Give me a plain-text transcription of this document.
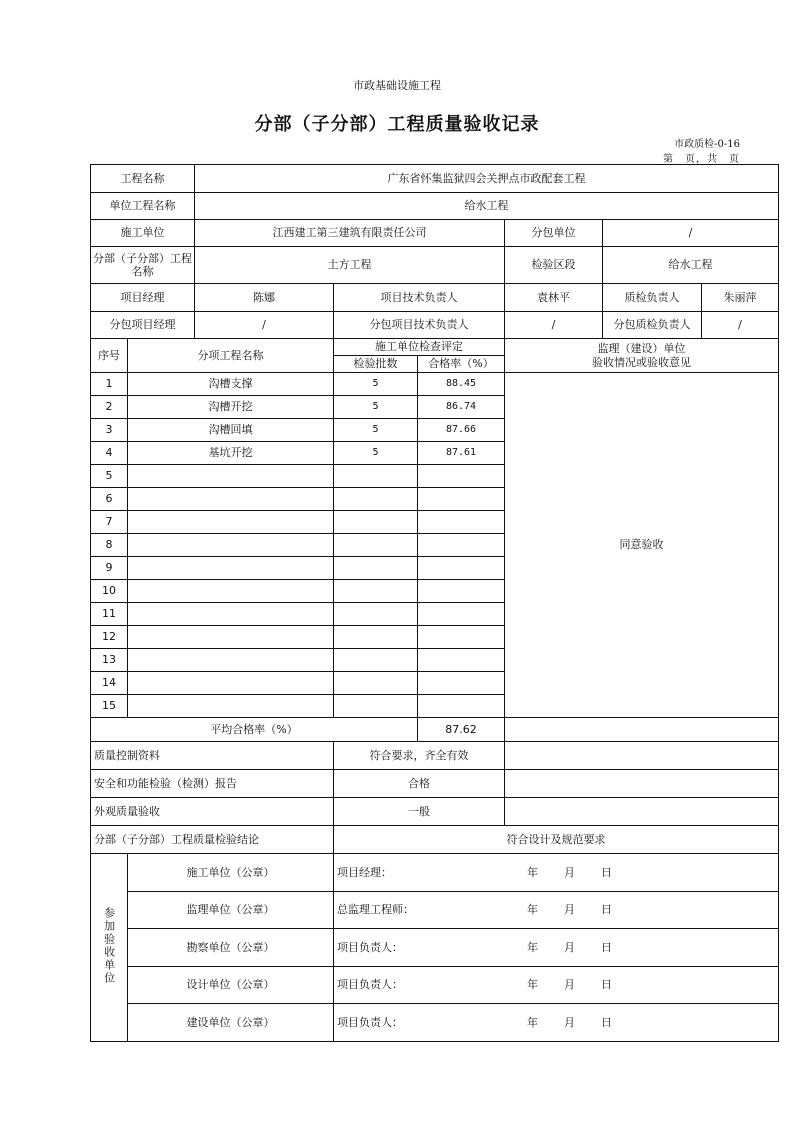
市政基础设施工程
分部（子分部）工程质量验收记录
市政质检-0-16
第　页，共　页
工程名称		广东省怀集监狱四会关押点市政配套工程					
单位工程名称		给水工程					
施工单位		江西建工第三建筑有限责任公司			分包单位	/	
分部（子分部）工程名称		土方工程			检验区段	给水工程	
项目经理		陈娜	项目技术负责人		袁林平	质检负责人	朱丽萍
分包项目经理		/	分包项目技术负责人		/	分包质检负责人	/
序号	分项工程名称		施工单位检查评定		监理（建设）单位
验收情况或验收意见		
			检验批数	合格率（%）			
1	沟槽支撑		5	88.45	同意验收		
2	沟槽开挖		5	86.74			
3	沟槽回填		5	87.66			
4	基坑开挖		5	87.61			
5							
6							
7							
8							
9							
10							
11							
12							
13							
14							
15							
平均合格率（%）				87.62			
质量控制资料			符合要求，齐全有效				
安全和功能检验（检测）报告			合格				
外观质量验收			一般				
分部（子分部）工程质量检验结论			符合设计及规范要求				
参加验收单位	施工单位（公章）		项目经理： 年 月 日				

	监理单位（公章）		总监理工程师： 年 月 日				

	勘察单位（公章）		项目负责人： 年 月 日				

	设计单位（公章）		项目负责人： 年 月 日				

	建设单位（公章）		项目负责人： 年 月 日				
